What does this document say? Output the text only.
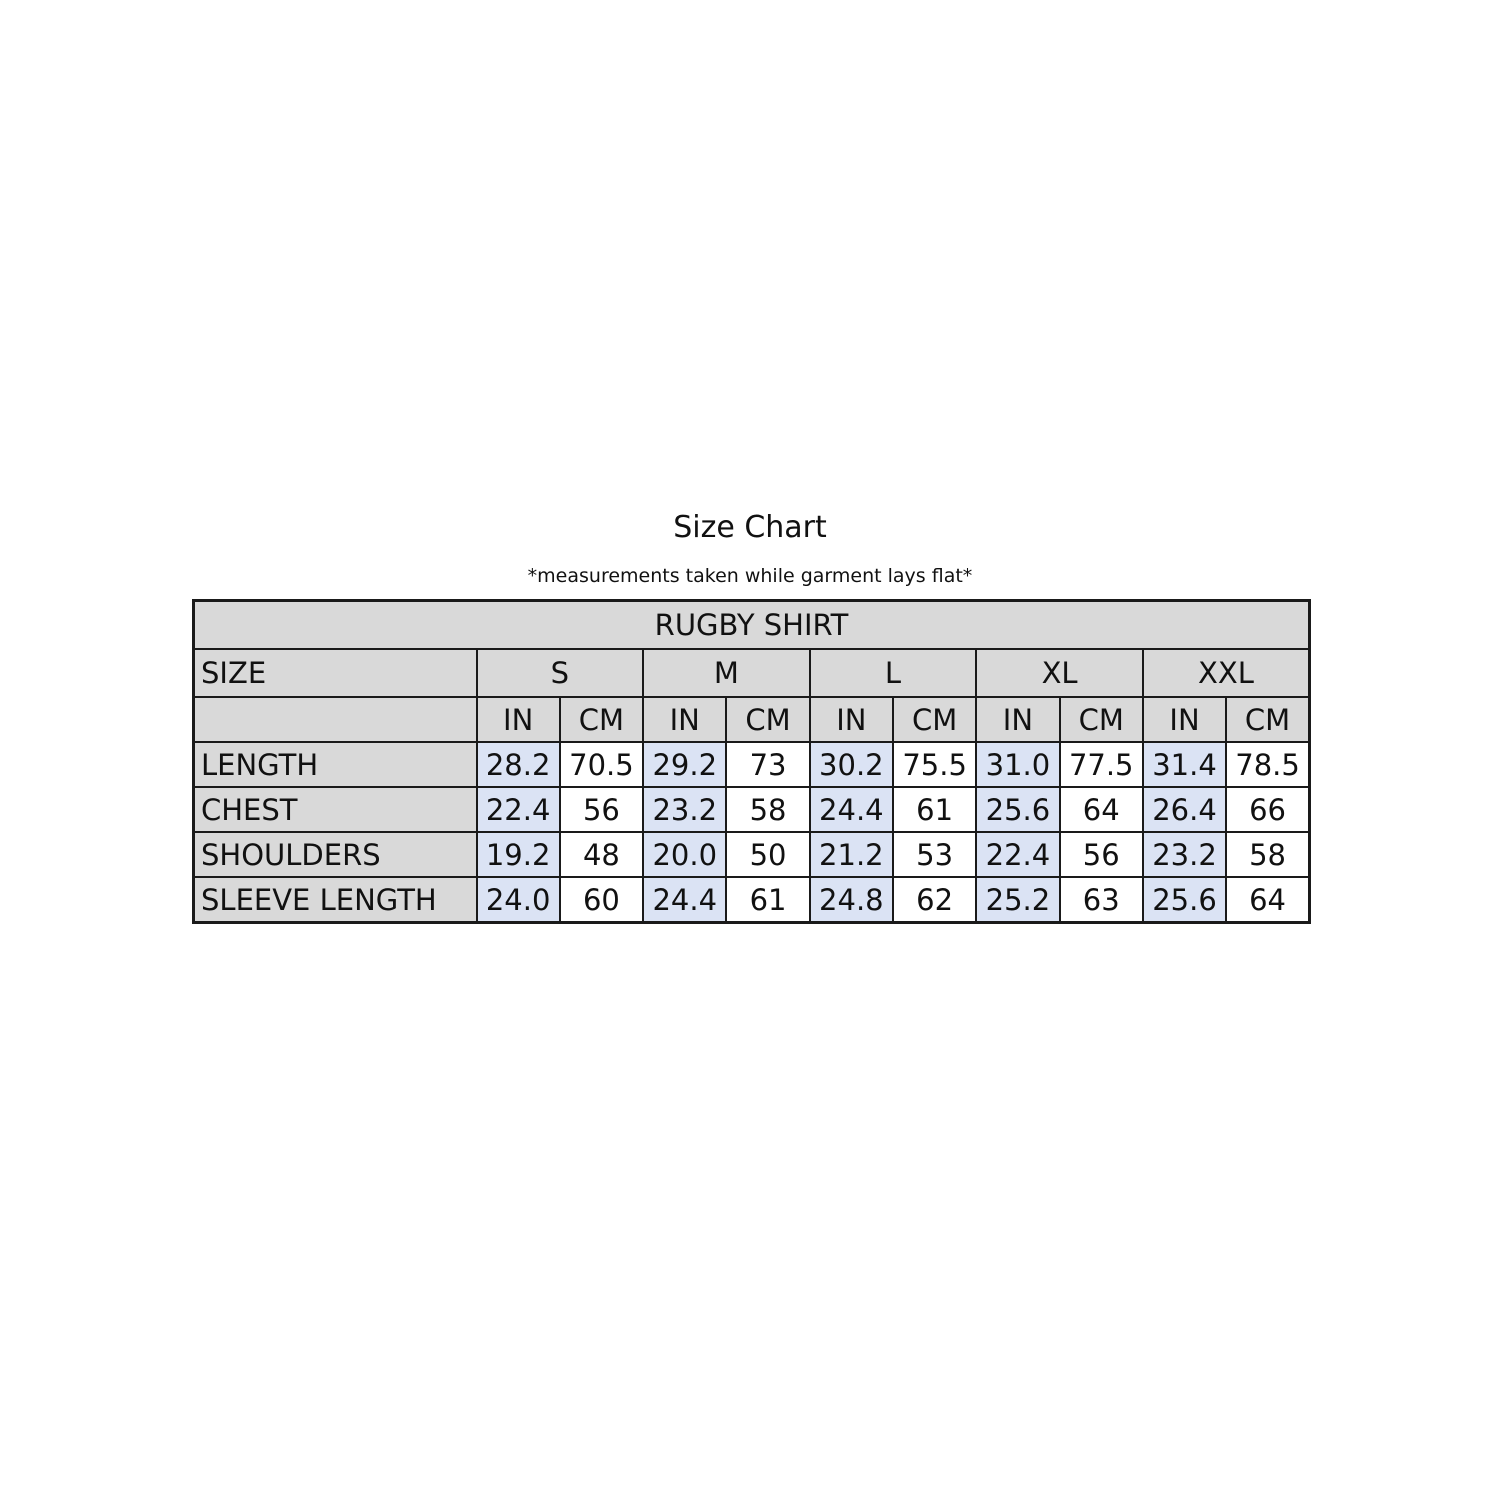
Size Chart
*measurements taken while garment lays flat*
RUGBY SHIRT										
SIZE	S		M		L		XL		XXL	
	IN	CM	IN	CM	IN	CM	IN	CM	IN	CM
LENGTH	28.2	70.5	29.2	73	30.2	75.5	31.0	77.5	31.4	78.5
CHEST	22.4	56	23.2	58	24.4	61	25.6	64	26.4	66
SHOULDERS	19.2	48	20.0	50	21.2	53	22.4	56	23.2	58
SLEEVE LENGTH	24.0	60	24.4	61	24.8	62	25.2	63	25.6	64
